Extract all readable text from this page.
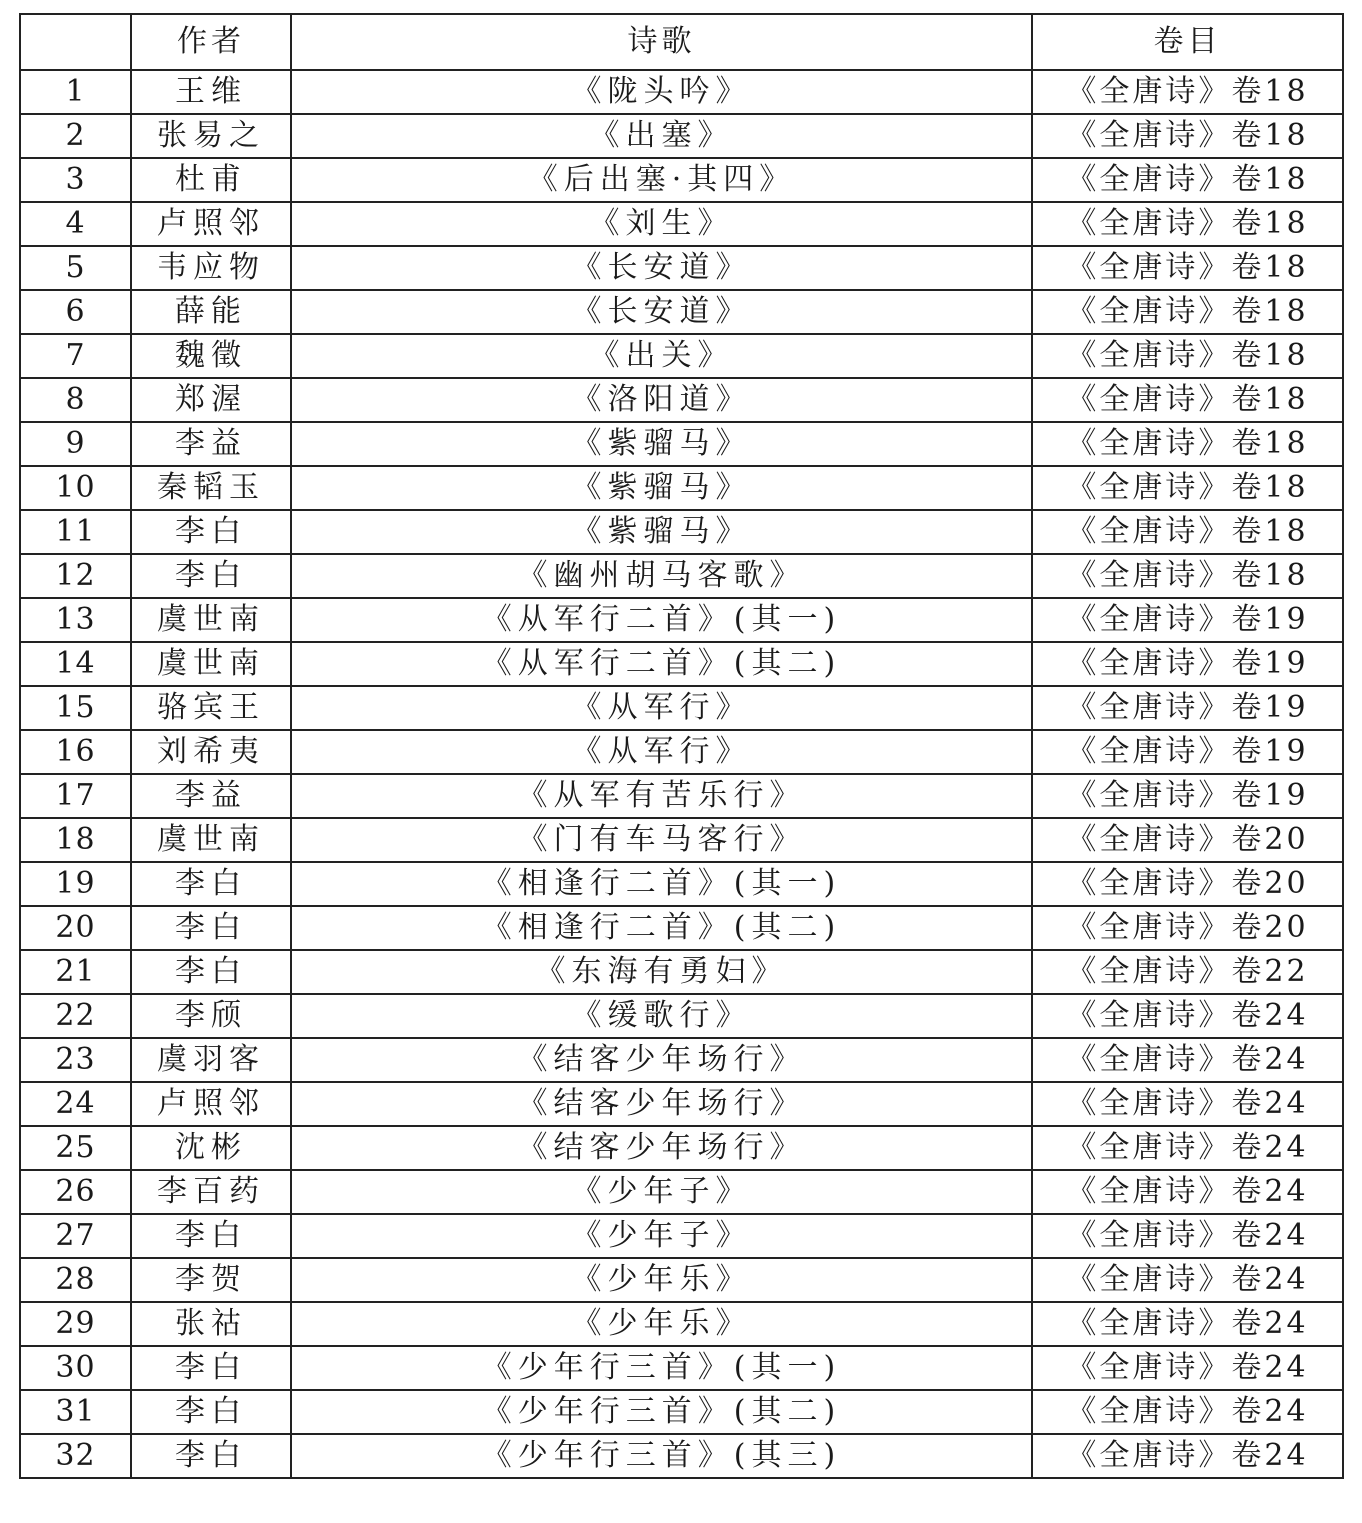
	作者	诗歌	卷目
1	王维	《陇头吟》	《全唐诗》卷18
2	张易之	《出塞》	《全唐诗》卷18
3	杜甫	《后出塞·其四》	《全唐诗》卷18
4	卢照邻	《刘生》	《全唐诗》卷18
5	韦应物	《长安道》	《全唐诗》卷18
6	薛能	《长安道》	《全唐诗》卷18
7	魏徵	《出关》	《全唐诗》卷18
8	郑渥	《洛阳道》	《全唐诗》卷18
9	李益	《紫骝马》	《全唐诗》卷18
10	秦韬玉	《紫骝马》	《全唐诗》卷18
11	李白	《紫骝马》	《全唐诗》卷18
12	李白	《幽州胡马客歌》	《全唐诗》卷18
13	虞世南	《从军行二首》(其一)	《全唐诗》卷19
14	虞世南	《从军行二首》(其二)	《全唐诗》卷19
15	骆宾王	《从军行》	《全唐诗》卷19
16	刘希夷	《从军行》	《全唐诗》卷19
17	李益	《从军有苦乐行》	《全唐诗》卷19
18	虞世南	《门有车马客行》	《全唐诗》卷20
19	李白	《相逢行二首》(其一)	《全唐诗》卷20
20	李白	《相逢行二首》(其二)	《全唐诗》卷20
21	李白	《东海有勇妇》	《全唐诗》卷22
22	李颀	《缓歌行》	《全唐诗》卷24
23	虞羽客	《结客少年场行》	《全唐诗》卷24
24	卢照邻	《结客少年场行》	《全唐诗》卷24
25	沈彬	《结客少年场行》	《全唐诗》卷24
26	李百药	《少年子》	《全唐诗》卷24
27	李白	《少年子》	《全唐诗》卷24
28	李贺	《少年乐》	《全唐诗》卷24
29	张祜	《少年乐》	《全唐诗》卷24
30	李白	《少年行三首》(其一)	《全唐诗》卷24
31	李白	《少年行三首》(其二)	《全唐诗》卷24
32	李白	《少年行三首》(其三)	《全唐诗》卷24
